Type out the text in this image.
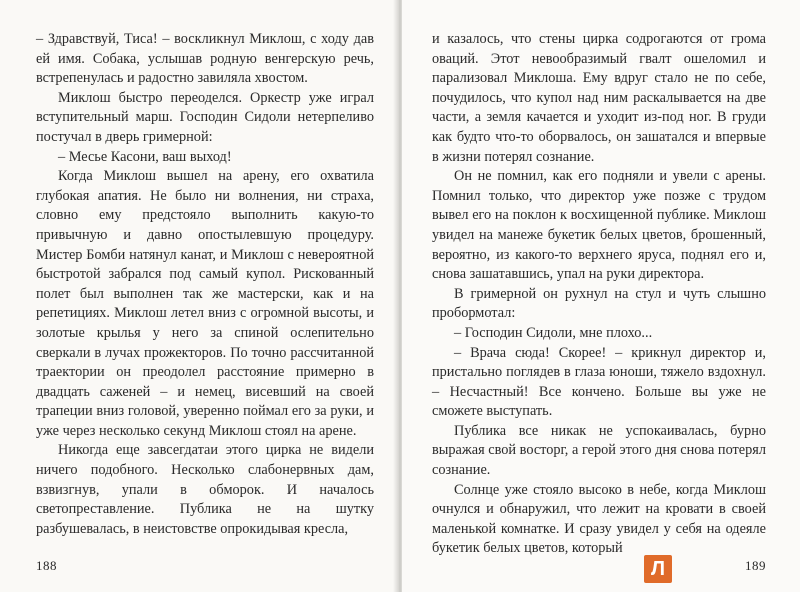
– Здравствуй, Тиса! – воскликнул Миклош, с ходу дав ей имя. Собака, услышав родную венгерскую речь, встрепенулась и радостно завиляла хвостом.

Миклош быстро переоделся. Оркестр уже играл вступительный марш. Господин Сидоли нетерпеливо постучал в дверь гримерной:

– Месье Касони, ваш выход!

Когда Миклош вышел на арену, его охватила глубокая апатия. Не было ни волнения, ни страха, словно ему предстояло выполнить какую-то привычную и давно опостылевшую процедуру. Мистер Бомби натянул канат, и Миклош с невероятной быстротой забрался под самый купол. Рискованный полет был выполнен так же мастерски, как и на репетициях. Миклош летел вниз с огромной высоты, и золотые крылья у него за спиной ослепительно сверкали в лучах прожекторов. По точно рассчитанной траектории он преодолел расстояние примерно в двадцать саженей – и немец, висевший на своей трапеции вниз головой, уверенно поймал его за руки, и уже через несколько секунд Миклош стоял на арене.

Никогда еще завсегдатаи этого цирка не видели ничего подобного. Несколько слабонервных дам, взвизгнув, упали в обморок. И началось светопреставление. Публика не на шутку разбушевалась, в неистовстве опрокидывая кресла,

188

и казалось, что стены цирка содрогаются от грома оваций. Этот невообразимый гвалт ошеломил и парализовал Миклоша. Ему вдруг стало не по себе, почудилось, что купол над ним раскалывается на две части, а земля качается и уходит из-под ног. В груди как будто что-то оборвалось, он зашатался и впервые в жизни потерял сознание.

Он не помнил, как его подняли и увели с арены. Помнил только, что директор уже позже с трудом вывел его на поклон к восхищенной публике. Миклош увидел на манеже букетик белых цветов, брошенный, вероятно, из какого-то верхнего яруса, поднял его и, снова зашатавшись, упал на руки директора.

В гримерной он рухнул на стул и чуть слышно пробормотал:

– Господин Сидоли, мне плохо...

– Врача сюда! Скорее! – крикнул директор и, пристально поглядев в глаза юноши, тяжело вздохнул. – Несчастный! Все кончено. Больше вы уже не сможете выступать.

Публика все никак не успокаивалась, бурно выражая свой восторг, а герой этого дня снова потерял сознание.

Солнце уже стояло высоко в небе, когда Миклош очнулся и обнаружил, что лежит на кровати в своей маленькой комнатке. И сразу увидел у себя на одеяле букетик белых цветов, который

189
Л
